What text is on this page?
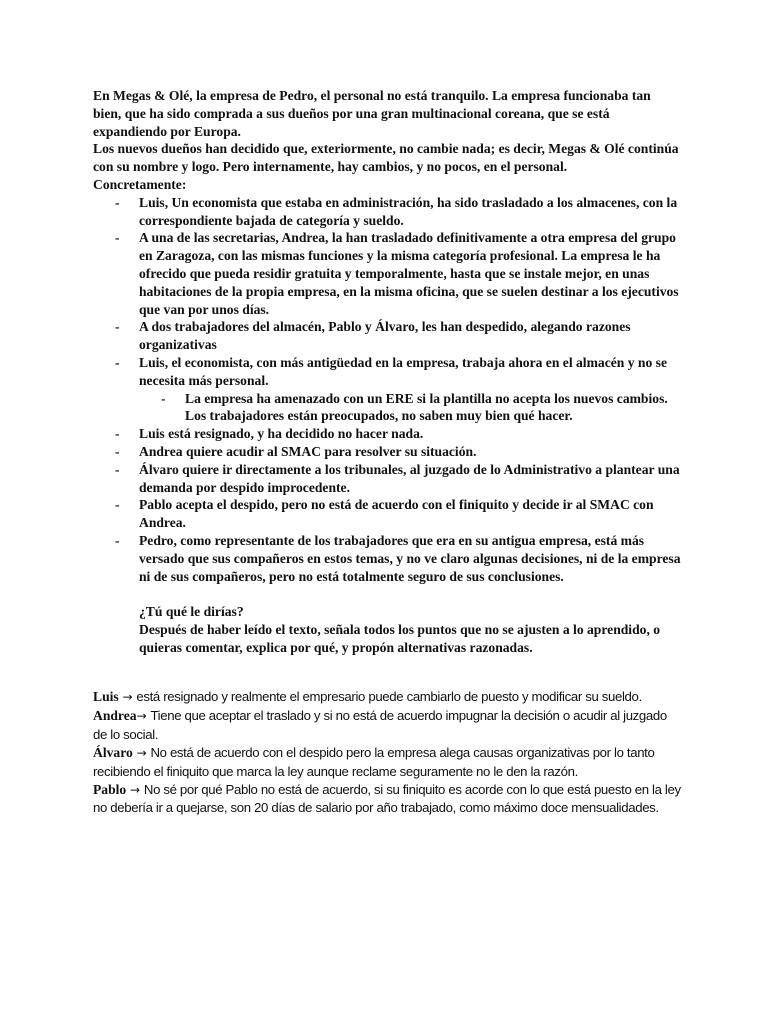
En Megas & Olé, la empresa de Pedro, el personal no está tranquilo. La empresa funcionaba tan bien, que ha sido comprada a sus dueños por una gran multinacional coreana, que se está expandiendo por Europa.

Los nuevos dueños han decidido que, exteriormente, no cambie nada; es decir, Megas & Olé continúa con su nombre y logo. Pero internamente, hay cambios, y no pocos, en el personal.

Concretamente:

- Luis, Un economista que estaba en administración, ha sido trasladado a los almacenes, con la correspondiente bajada de categoría y sueldo.
- A una de las secretarias, Andrea, la han trasladado definitivamente a otra empresa del grupo en Zaragoza, con las mismas funciones y la misma categoría profesional. La empresa le ha ofrecido que pueda residir gratuita y temporalmente, hasta que se instale mejor, en unas habitaciones de la propia empresa, en la misma oficina, que se suelen destinar a los ejecutivos que van por unos días.
- A dos trabajadores del almacén, Pablo y Álvaro, les han despedido, alegando razones organizativas
- Luis, el economista, con más antigüedad en la empresa, trabaja ahora en el almacén y no se necesita más personal.
- La empresa ha amenazado con un ERE si la plantilla no acepta los nuevos cambios. Los trabajadores están preocupados, no saben muy bien qué hacer.
- Luis está resignado, y ha decidido no hacer nada.
- Andrea quiere acudir al SMAC para resolver su situación.
- Álvaro quiere ir directamente a los tribunales, al juzgado de lo Administrativo a plantear una demanda por despido improcedente.
- Pablo acepta el despido, pero no está de acuerdo con el finiquito y decide ir al SMAC con Andrea.
- Pedro, como representante de los trabajadores que era en su antigua empresa, está más versado que sus compañeros en estos temas, y no ve claro algunas decisiones, ni de la empresa ni de sus compañeros, pero no está totalmente seguro de sus conclusiones.
¿Tú qué le dirías?
Después de haber leído el texto, señala todos los puntos que no se ajusten a lo aprendido, o quieras comentar, explica por qué, y propón alternativas razonadas.

Luis → está resignado y realmente el empresario puede cambiarlo de puesto y modificar su sueldo.

Andrea→ Tiene que aceptar el traslado y si no está de acuerdo impugnar la decisión o acudir al juzgado de lo social.

Álvaro → No está de acuerdo con el despido pero la empresa alega causas organizativas por lo tanto recibiendo el finiquito que marca la ley aunque reclame seguramente no le den la razón.

Pablo → No sé por qué Pablo no está de acuerdo, si su finiquito es acorde con lo que está puesto en la ley no debería ir a quejarse, son 20 días de salario por año trabajado, como máximo doce mensualidades.
